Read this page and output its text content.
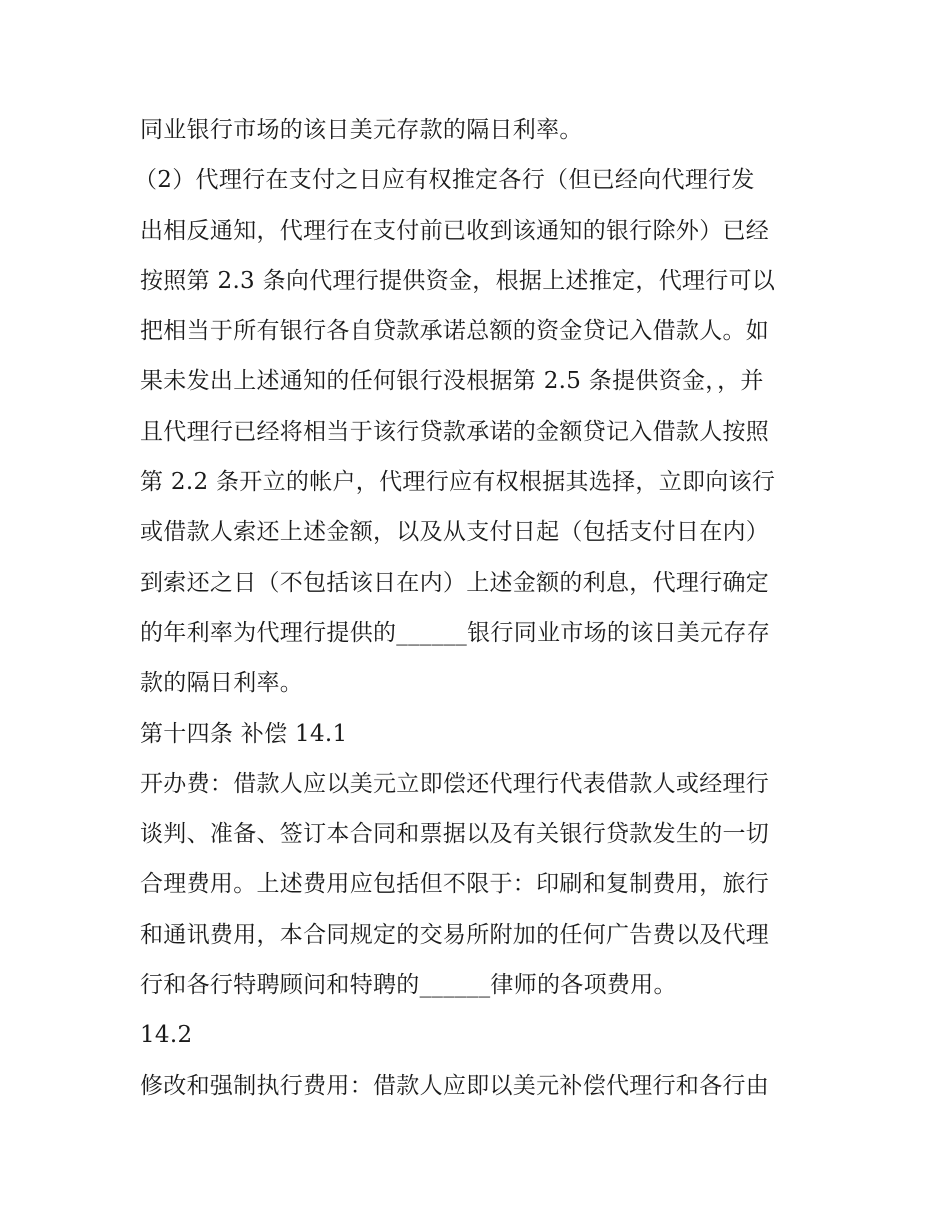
同业银行市场的该日美元存款的隔日利率。
（2）代理行在支付之日应有权推定各行（但已经向代理行发
出相反通知，代理行在支付前已收到该通知的银行除外）已经
按照第 2.3 条向代理行提供资金，根据上述推定，代理行可以
把相当于所有银行各自贷款承诺总额的资金贷记入借款人。如
果未发出上述通知的任何银行没根据第 2.5 条提供资金，，并
且代理行已经将相当于该行贷款承诺的金额贷记入借款人按照
第 2.2 条开立的帐户，代理行应有权根据其选择，立即向该行
或借款人索还上述金额，以及从支付日起（包括支付日在内）
到索还之日（不包括该日在内）上述金额的利息，代理行确定
的年利率为代理行提供的______银行同业市场的该日美元存存
款的隔日利率。
第十四条 补偿 14.1
开办费：借款人应以美元立即偿还代理行代表借款人或经理行
谈判、准备、签订本合同和票据以及有关银行贷款发生的一切
合理费用。上述费用应包括但不限于：印刷和复制费用，旅行
和通讯费用，本合同规定的交易所附加的任何广告费以及代理
行和各行特聘顾问和特聘的______律师的各项费用。
14.2
修改和强制执行费用：借款人应即以美元补偿代理行和各行由
